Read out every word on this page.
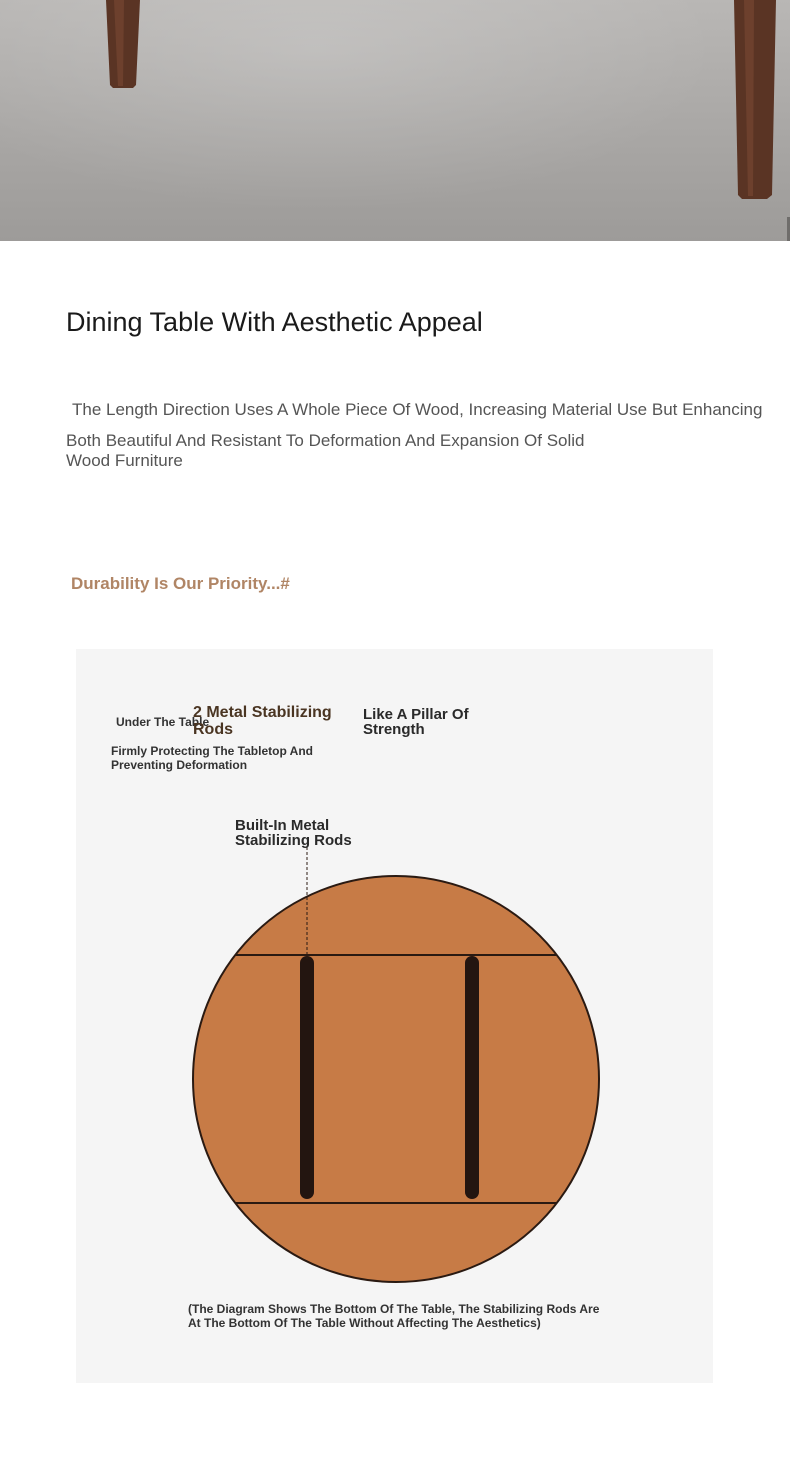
Dining Table With Aesthetic Appeal

The Length Direction Uses A Whole Piece Of Wood, Increasing Material Use But Enhancing
Both Beautiful And Resistant To Deformation And Expansion Of Solid Wood Furniture

Durability Is Our Priority...#

Under The Table

2 Metal Stabilizing Rods

Like A Pillar Of Strength

Firmly Protecting The Tabletop And Preventing Deformation

Built-In Metal Stabilizing Rods

(The Diagram Shows The Bottom Of The Table, The Stabilizing Rods Are At The Bottom Of The Table Without Affecting The Aesthetics)
